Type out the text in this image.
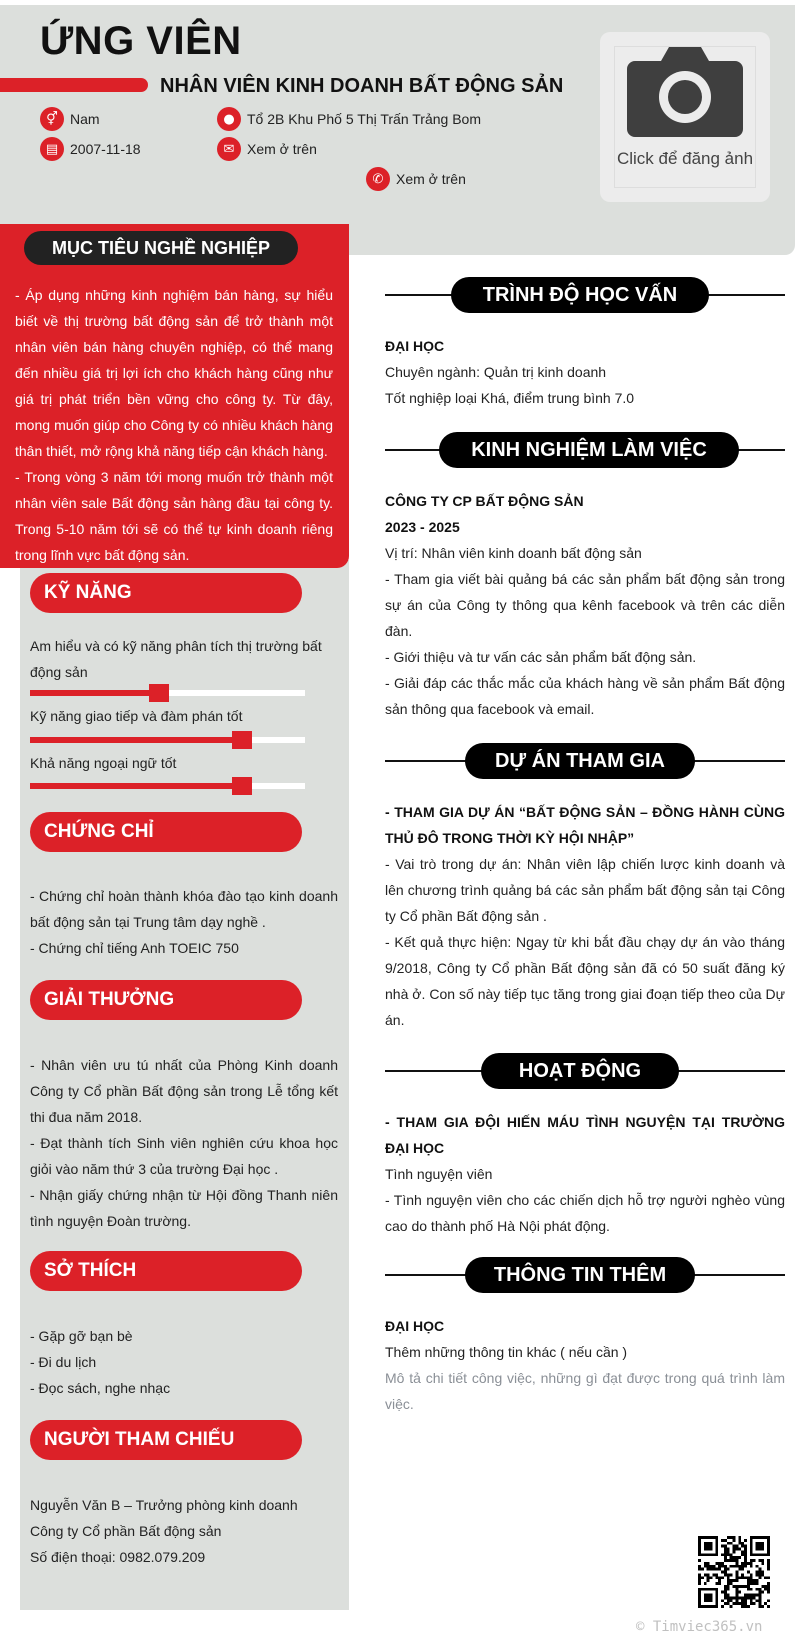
ỨNG VIÊN
NHÂN VIÊN KINH DOANH BẤT ĐỘNG SẢN
⚥ Nam
▤ 2007-11-18
● Tổ 2B Khu Phố 5 Thị Trấn Trảng Bom
✉ Xem ở trên
✆ Xem ở trên
Click để đăng ảnh
MỤC TIÊU NGHỀ NGHIỆP
- Áp dụng những kinh nghiệm bán hàng, sự hiểu biết về thị trường bất động sản để trở thành một nhân viên bán hàng chuyên nghiệp, có thể mang đến nhiều giá trị lợi ích cho khách hàng cũng như giá trị phát triển bền vững cho công ty. Từ đây, mong muốn giúp cho Công ty có nhiều khách hàng thân thiết, mở rộng khả năng tiếp cận khách hàng.
- Trong vòng 3 năm tới mong muốn trở thành một nhân viên sale Bất động sản hàng đầu tại công ty. Trong 5-10 năm tới sẽ có thể tự kinh doanh riêng trong lĩnh vực bất động sản.
KỸ NĂNG
Am hiểu và có kỹ năng phân tích thị trường bất động sản
Kỹ năng giao tiếp và đàm phán tốt
Khả năng ngoại ngữ tốt
CHỨNG CHỈ
- Chứng chỉ hoàn thành khóa đào tạo kinh doanh bất động sản tại Trung tâm dạy nghề .
- Chứng chỉ tiếng Anh TOEIC 750
GIẢI THƯỞNG
- Nhân viên ưu tú nhất của Phòng Kinh doanh Công ty Cổ phần Bất động sản trong Lễ tổng kết thi đua năm 2018.
- Đạt thành tích Sinh viên nghiên cứu khoa học giỏi vào năm thứ 3 của trường Đại học .
- Nhận giấy chứng nhận từ Hội đồng Thanh niên tình nguyện Đoàn trường.
SỞ THÍCH
- Gặp gỡ bạn bè
- Đi du lịch
- Đọc sách, nghe nhạc
NGƯỜI THAM CHIẾU
Nguyễn Văn B – Trưởng phòng kinh doanh
Công ty Cổ phần Bất động sản
Số điện thoại: 0982.079.209
TRÌNH ĐỘ HỌC VẤN
ĐẠI HỌC
Chuyên ngành: Quản trị kinh doanh
Tốt nghiệp loại Khá, điểm trung bình 7.0
KINH NGHIỆM LÀM VIỆC
CÔNG TY CP BẤT ĐỘNG SẢN
2023 - 2025
Vị trí: Nhân viên kinh doanh bất động sản
- Tham gia viết bài quảng bá các sản phẩm bất động sản trong sự án của Công ty thông qua kênh facebook và trên các diễn đàn.
- Giới thiệu và tư vấn các sản phẩm bất động sản.
- Giải đáp các thắc mắc của khách hàng về sản phẩm Bất động sản thông qua facebook và email.
DỰ ÁN THAM GIA
- THAM GIA DỰ ÁN “BẤT ĐỘNG SẢN – ĐỒNG HÀNH CÙNG THỦ ĐÔ TRONG THỜI KỲ HỘI NHẬP”
- Vai trò trong dự án: Nhân viên lập chiến lược kinh doanh và lên chương trình quảng bá các sản phẩm bất động sản tại Công ty Cổ phần Bất động sản .
- Kết quả thực hiện: Ngay từ khi bắt đầu chạy dự án vào tháng 9/2018, Công ty Cổ phần Bất động sản đã có 50 suất đăng ký nhà ở. Con số này tiếp tục tăng trong giai đoạn tiếp theo của Dự án.
HOẠT ĐỘNG
- THAM GIA ĐỘI HIẾN MÁU TÌNH NGUYỆN TẠI TRƯỜNG ĐẠI HỌC
Tình nguyện viên
- Tình nguyện viên cho các chiến dịch hỗ trợ người nghèo vùng cao do thành phố Hà Nội phát động.
THÔNG TIN THÊM
ĐẠI HỌC
Thêm những thông tin khác ( nếu cần )
Mô tả chi tiết công việc, những gì đạt được trong quá trình làm việc.
© Timviec365.vn
